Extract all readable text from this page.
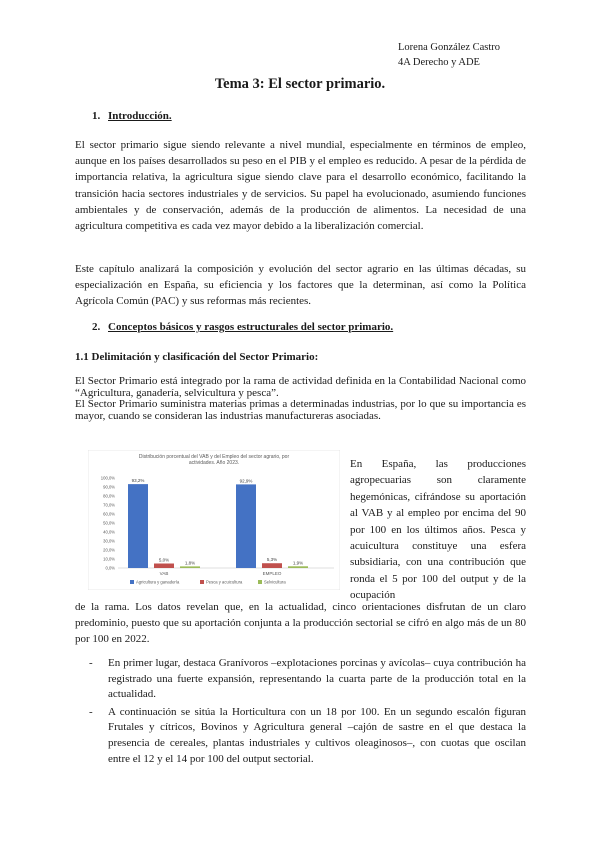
Lorena González Castro
4A Derecho y ADE
Tema 3: El sector primario.
1. Introducción.
El sector primario sigue siendo relevante a nivel mundial, especialmente en términos de empleo, aunque en los países desarrollados su peso en el PIB y el empleo es reducido. A pesar de la pérdida de importancia relativa, la agricultura sigue siendo clave para el desarrollo económico, facilitando la transición hacia sectores industriales y de servicios. Su papel ha evolucionado, asumiendo funciones ambientales y de conservación, además de la producción de alimentos. La necesidad de una agricultura competitiva es cada vez mayor debido a la liberalización comercial.
Este capítulo analizará la composición y evolución del sector agrario en las últimas décadas, su especialización en España, su eficiencia y los factores que la determinan, así como la Política Agrícola Común (PAC) y sus reformas más recientes.
2. Conceptos básicos y rasgos estructurales del sector primario.
1.1 Delimitación y clasificación del Sector Primario:
El Sector Primario está integrado por la rama de actividad definida en la Contabilidad Nacional como “Agricultura, ganadería, selvicultura y pesca”.
El Sector Primario suministra materias primas a determinadas industrias, por lo que su importancia es mayor, cuando se consideran las industrias manufactureras asociadas.
Distribución porcentual del VAB y del Empleo del sector agrario, por actividades. Año 2023.
100,0%
90,0%
80,0%
70,0%
60,0%
50,0%
40,0%
30,0%
20,0%
10,0%
0,0%
93,2%
5,0%
1,8%
VAB
92,9%
5,3%
1,9%
EMPLEO
Agricultura y ganadería	Pesca y acuicultura	Selvicultura
En España, las producciones agropecuarias son claramente hegemónicas, cifrándose su aportación al VAB y al empleo por encima del 90 por 100 en los últimos años. Pesca y acuicultura constituye una esfera subsidiaria, con una contribución que ronda el 5 por 100 del output y de la ocupación
de la rama. Los datos revelan que, en la actualidad, cinco orientaciones disfrutan de un claro predominio, puesto que su aportación conjunta a la producción sectorial se cifró en algo más de un 80 por 100 en 2022.
- En primer lugar, destaca Granívoros –explotaciones porcinas y avícolas– cuya contribución ha registrado una fuerte expansión, representando la cuarta parte de la producción total en la actualidad.
- A continuación se sitúa la Horticultura con un 18 por 100. En un segundo escalón figuran Frutales y cítricos, Bovinos y Agricultura general –cajón de sastre en el que destaca la presencia de cereales, plantas industriales y cultivos oleaginosos–, con cuotas que oscilan entre el 12 y el 14 por 100 del output sectorial.
